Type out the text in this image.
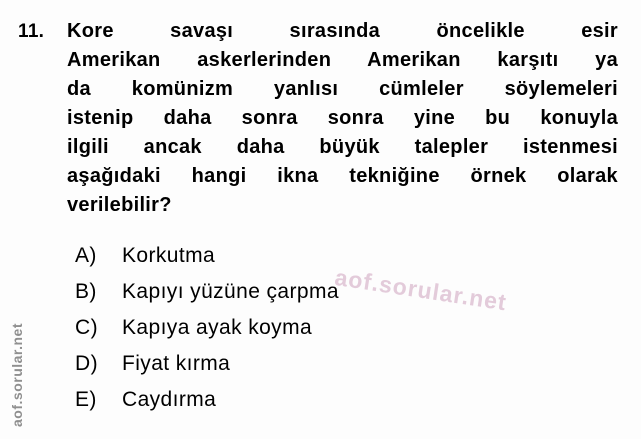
11. Kore savaşı sırasında öncelikle esir
Amerikan askerlerinden Amerikan karşıtı ya
da komünizm yanlısı cümleler söylemeleri
istenip daha sonra sonra yine bu konuyla
ilgili ancak daha büyük talepler istenmesi
aşağıdaki hangi ikna tekniğine örnek olarak
verilebilir?
A)	Korkutma
B)	Kapıyı yüzüne çarpma
C)	Kapıya ayak koyma
D)	Fiyat kırma
E)	Caydırma
aof.sorular.net
aof.sorular.net
